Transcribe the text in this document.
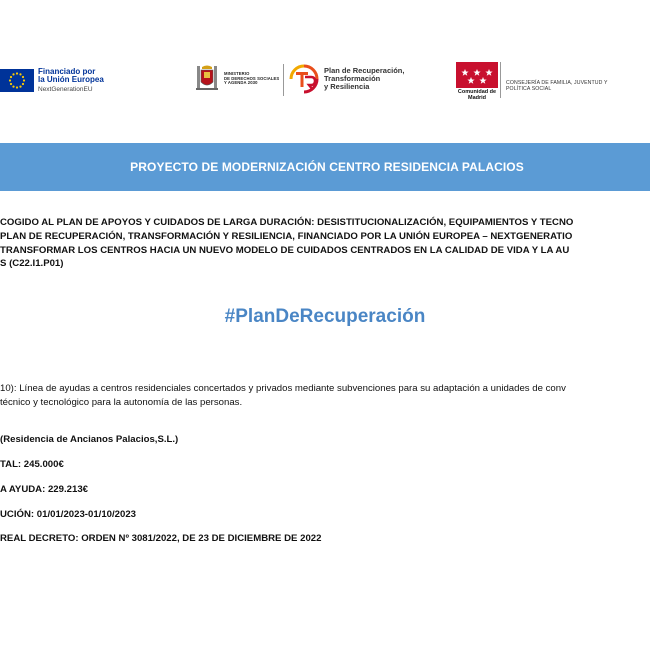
Financiado por
la Unión Europea
NextGenerationEU
MINISTERIO
DE DERECHOS SOCIALES
Y AGENDA 2030
Plan de Recuperación,
Transformación
y Resiliencia
Comunidad de Madrid
CONSEJERÍA DE FAMILIA, JUVENTUD Y
POLÍTICA SOCIAL
PROYECTO DE MODERNIZACIÓN CENTRO RESIDENCIA PALACIOS
COGIDO AL PLAN DE APOYOS Y CUIDADOS DE LARGA DURACIÓN: DESISTITUCIONALIZACIÓN, EQUIPAMIENTOS Y TECNO
PLAN DE RECUPERACIÓN, TRANSFORMACIÓN Y RESILIENCIA, FINANCIADO POR LA UNIÓN EUROPEA – NEXTGENERATIO
TRANSFORMAR LOS CENTROS HACIA UN NUEVO MODELO DE CUIDADOS CENTRADOS EN LA CALIDAD DE VIDA Y LA AU
S (C22.I1.P01)
#PlanDeRecuperación
10): Línea de ayudas a centros residenciales concertados y privados mediante subvenciones para su adaptación a unidades de conv
técnico y tecnológico para la autonomía de las personas.
(Residencia de Ancianos Palacios,S.L.)
TAL: 245.000€
A AYUDA: 229.213€
UCIÓN: 01/01/2023-01/10/2023
REAL DECRETO: ORDEN Nº 3081/2022, DE 23 DE DICIEMBRE DE 2022
